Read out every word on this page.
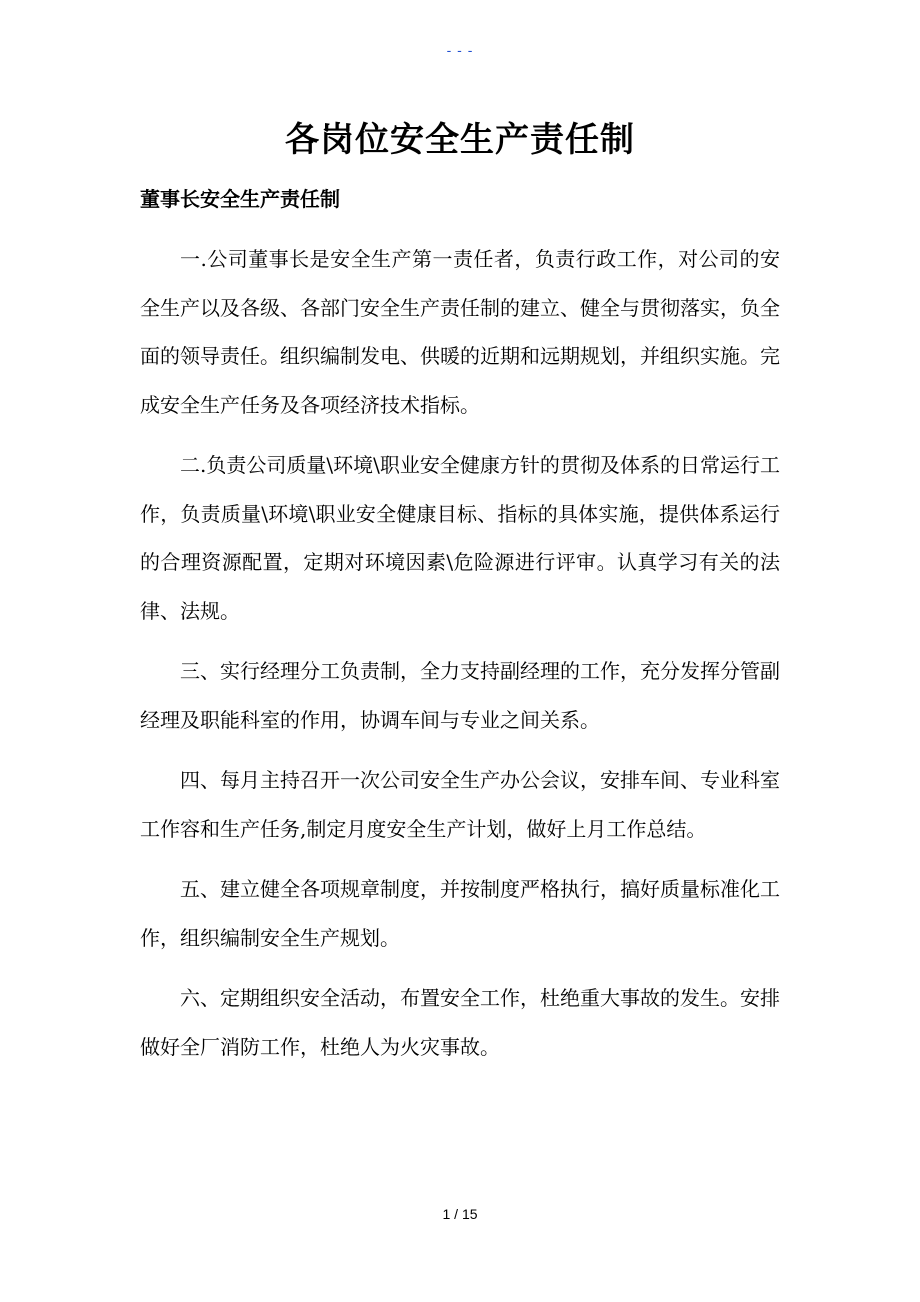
- - -
各岗位安全生产责任制
董事长安全生产责任制

一.公司董事长是安全生产第一责任者，负责行政工作，对公司的安全生产以及各级、各部门安全生产责任制的建立、健全与贯彻落实，负全面的领导责任。组织编制发电、供暖的近期和远期规划，并组织实施。完成安全生产任务及各项经济技术指标。

二.负责公司质量\环境\职业安全健康方针的贯彻及体系的日常运行工作，负责质量\环境\职业安全健康目标、指标的具体实施，提供体系运行的合理资源配置，定期对环境因素\危险源进行评审。认真学习有关的法律、法规。

三、实行经理分工负责制，全力支持副经理的工作，充分发挥分管副经理及职能科室的作用，协调车间与专业之间关系。

四、每月主持召开一次公司安全生产办公会议，安排车间、专业科室工作容和生产任务,制定月度安全生产计划，做好上月工作总结。

五、建立健全各项规章制度，并按制度严格执行，搞好质量标准化工作，组织编制安全生产规划。

六、定期组织安全活动，布置安全工作，杜绝重大事故的发生。安排做好全厂消防工作，杜绝人为火灾事故。

1 / 15
